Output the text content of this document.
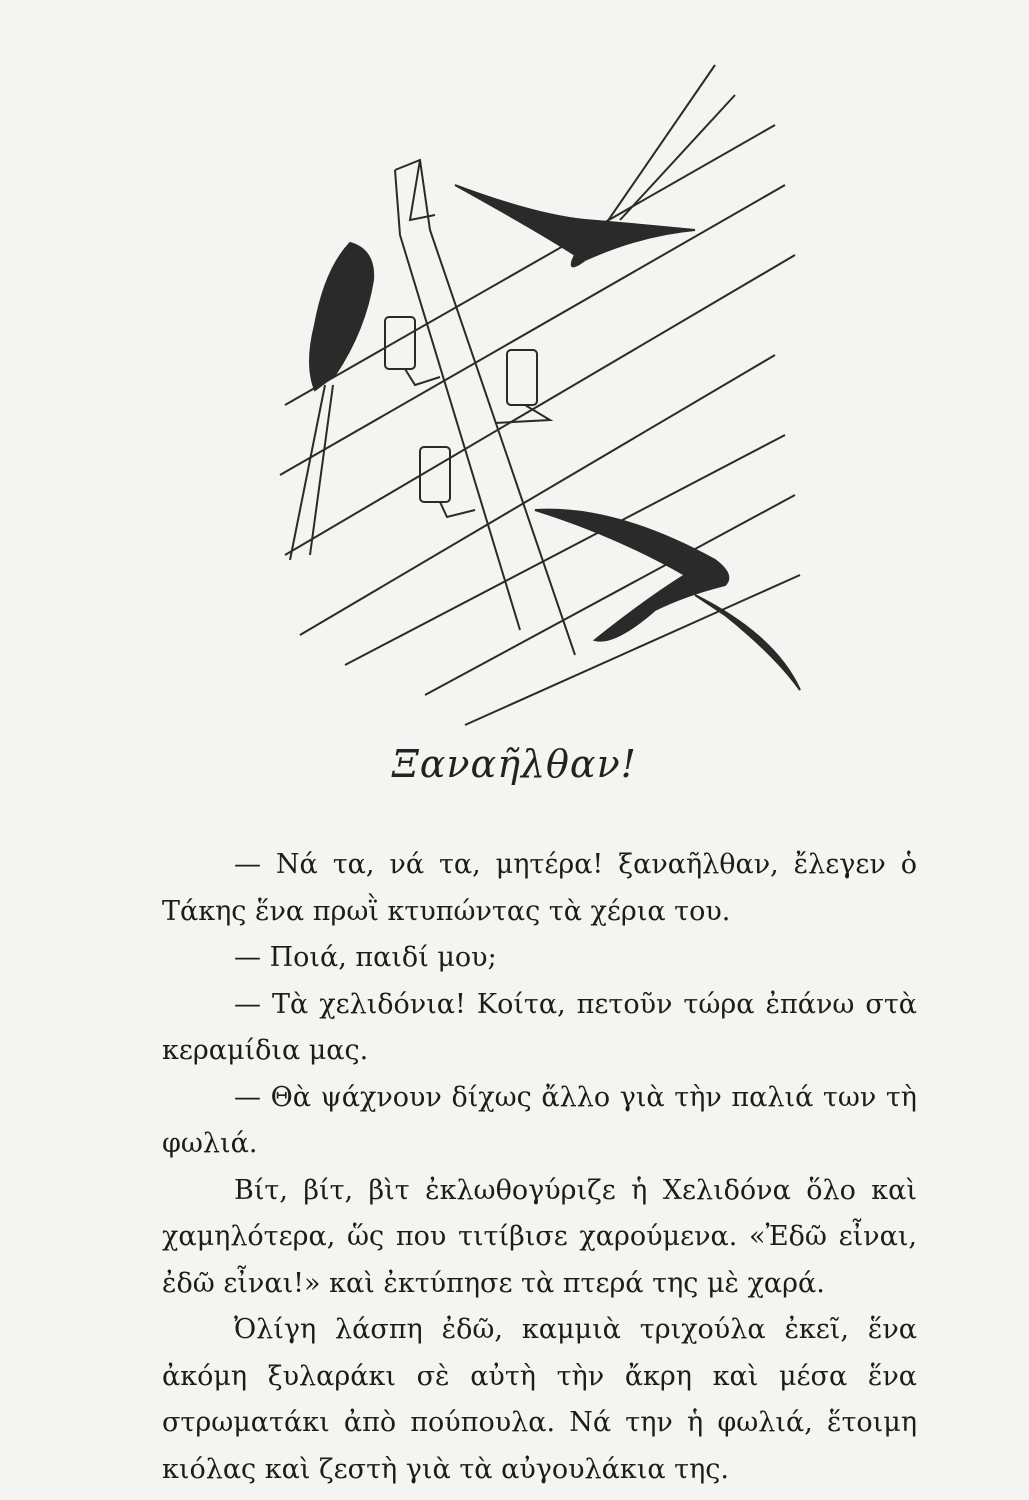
Ξαναῆλθαν!

— Νά τα, νά τα, μητέρα! ξαναῆλθαν, ἔλεγεν ὁ Τάκης ἕνα πρωῒ κτυπώντας τὰ χέρια του.

— Ποιά, παιδί μου;

— Τὰ χελιδόνια! Κοίτα, πετοῦν τώρα ἐπάνω στὰ κεραμίδια μας.

— Θὰ ψάχνουν δίχως ἄλλο γιὰ τὴν παλιά των τὴ φωλιά.

Βίτ, βίτ, βὶτ ἐκλωθογύριζε ἡ Χελιδόνα ὅλο καὶ χαμηλότερα, ὥς που τιτίβισε χαρούμενα. «Ἐδῶ εἶναι, ἐδῶ εἶναι!» καὶ ἐκτύπησε τὰ πτερά της μὲ χαρά.

Ὀλίγη λάσπη ἐδῶ, καμμιὰ τριχούλα ἐκεῖ, ἕνα ἀκόμη ξυλαράκι σὲ αὐτὴ τὴν ἄκρη καὶ μέσα ἕνα στρωματάκι ἀπὸ πούπουλα. Νά την ἡ φωλιά, ἕτοιμη κιόλας καὶ ζεστὴ γιὰ τὰ αὐγουλάκια της.
